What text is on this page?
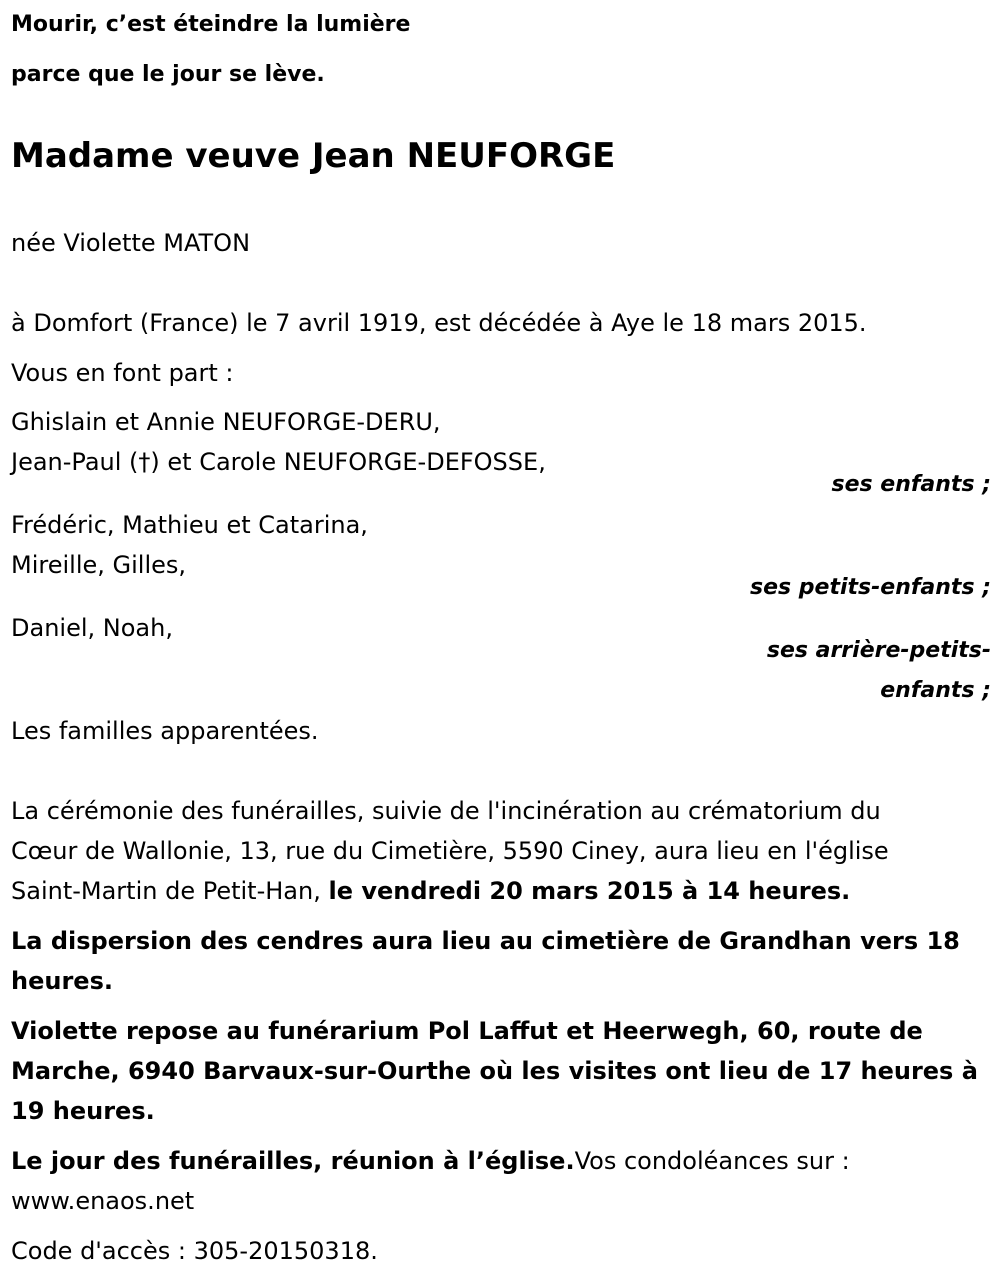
Mourir, c’est éteindre la lumière
parce que le jour se lève.
Madame veuve Jean NEUFORGE
née Violette MATON
à Domfort (France) le 7 avril 1919, est décédée à Aye le 18 mars 2015.
Vous en font part :
Ghislain et Annie NEUFORGE-DERU,
Jean-Paul (†) et Carole NEUFORGE-DEFOSSE,
Frédéric, Mathieu et Catarina,
Mireille, Gilles,
Daniel, Noah,
Les familles apparentées.
La cérémonie des funérailles, suivie de l'incinération au crématorium du
Cœur de Wallonie, 13, rue du Cimetière, 5590 Ciney, aura lieu en l'église
Saint-Martin de Petit-Han, le vendredi 20 mars 2015 à 14 heures.
La dispersion des cendres aura lieu au cimetière de Grandhan vers 18
heures.
Violette repose au funérarium Pol Laffut et Heerwegh, 60, route de
Marche, 6940 Barvaux-sur-Ourthe où les visites ont lieu de 17 heures à
19 heures.
Le jour des funérailles, réunion à l’église.Vos condoléances sur :
www.enaos.net
Code d'accès : 305-20150318.
ses enfants ;
ses petits-enfants ;
ses arrière-petits-
enfants ;
